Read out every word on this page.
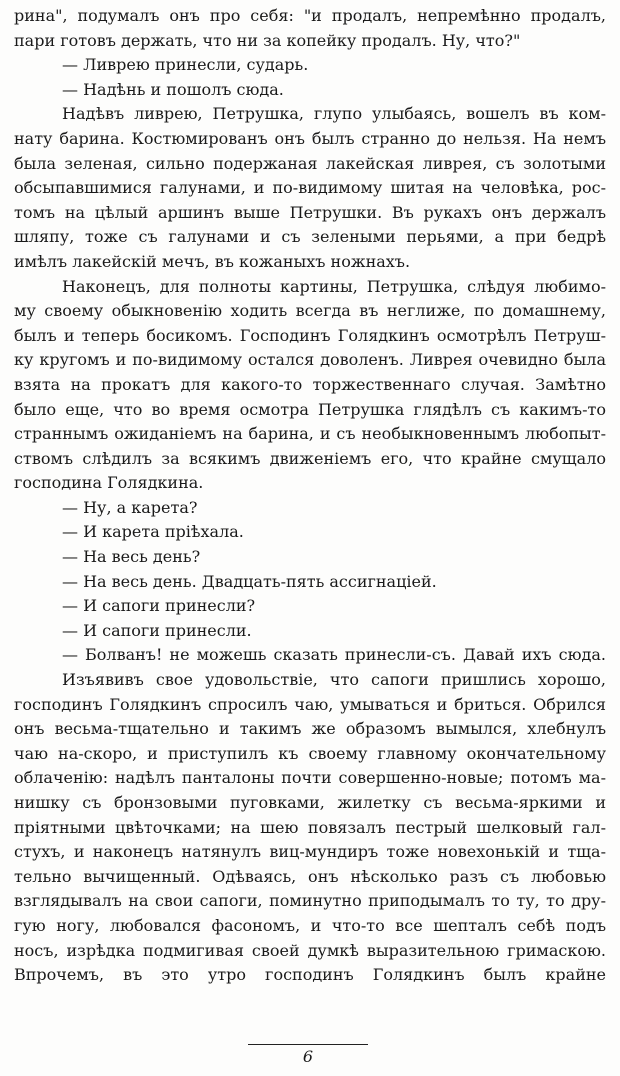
рина", подумалъ онъ про себя: "и продалъ, непремѣнно продалъ,
пари готовъ держать, что ни за копейку продалъ. Ну, что?"
— Ливрею принесли, сударь.
— Надѣнь и пошолъ сюда.
Надѣвъ ливрею, Петрушка, глупо улыбаясь, вошелъ въ ком-
нату барина. Костюмированъ онъ былъ странно до нельзя. На немъ
была зеленая, сильно подержаная лакейская ливрея, съ золотыми
обсыпавшимися галунами, и по-видимому шитая на человѣка, рос-
томъ на цѣлый аршинъ выше Петрушки. Въ рукахъ онъ держалъ
шляпу, тоже съ галунами и съ зелеными перьями, а при бедрѣ
имѣлъ лакейскій мечъ, въ кожаныхъ ножнахъ.
Наконецъ, для полноты картины, Петрушка, слѣдуя любимо-
му своему обыкновенію ходить всегда въ неглиже, по домашнему,
былъ и теперь босикомъ. Господинъ Голядкинъ осмотрѣлъ Петруш-
ку кругомъ и по-видимому остался доволенъ. Ливрея очевидно была
взята на прокатъ для какого-то торжественнаго случая. Замѣтно
было еще, что во время осмотра Петрушка глядѣлъ съ какимъ-то
страннымъ ожиданіемъ на барина, и съ необыкновеннымъ любопыт-
ствомъ слѣдилъ за всякимъ движеніемъ его, что крайне смущало
господина Голядкина.
— Ну, а карета?
— И карета пріѣхала.
— На весь день?
— На весь день. Двадцать-пять ассигнацiей.
— И сапоги принесли?
— И сапоги принесли.
— Болванъ! не можешь сказать принесли-съ. Давай ихъ сюда.
Изъявивъ свое удовольствіе, что сапоги пришлись хорошо,
господинъ Голядкинъ спросилъ чаю, умываться и бриться. Обрился
онъ весьма-тщательно и такимъ же образомъ вымылся, хлебнулъ
чаю на-скоро, и приступилъ къ своему главному окончательному
облаченію: надѣлъ панталоны почти совершенно-новые; потомъ ма-
нишку съ бронзовыми пуговками, жилетку съ весьма-яркими и
пріятными цвѣточками; на шею повязалъ пестрый шелковый гал-
стухъ, и наконецъ натянулъ виц-мундиръ тоже новехонькій и тща-
тельно вычищенный. Одѣваясь, онъ нѣсколько разъ съ любовью
взглядывалъ на свои сапоги, поминутно приподымалъ то ту, то дру-
гую ногу, любовался фасономъ, и что-то все шепталъ себѣ подъ
носъ, изрѣдка подмигивая своей думкѣ выразительною гримаскою.
Впрочемъ, въ это утро господинъ Голядкинъ былъ крайне
6
